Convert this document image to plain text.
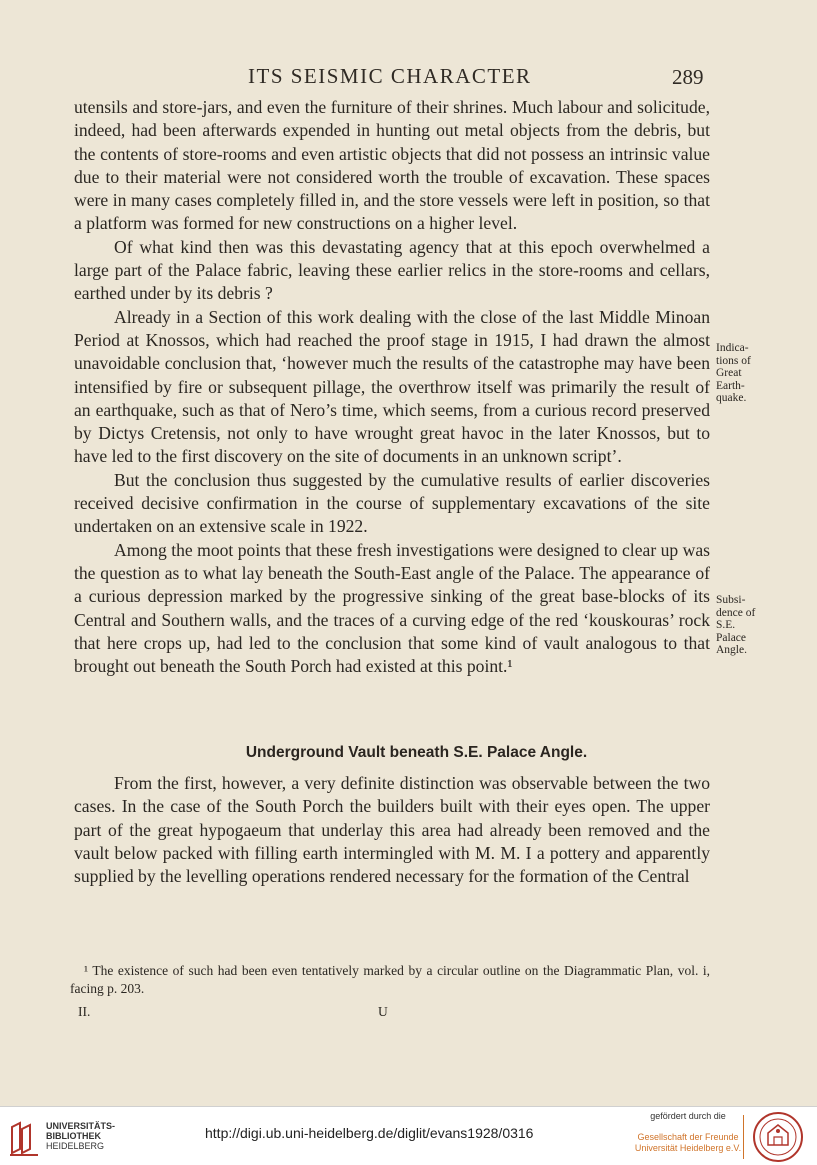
ITS SEISMIC CHARACTER	289

utensils and store-jars, and even the furniture of their shrines. Much labour and solicitude, indeed, had been afterwards expended in hunting out metal objects from the debris, but the contents of store-rooms and even artistic objects that did not possess an intrinsic value due to their material were not considered worth the trouble of excavation. These spaces were in many cases completely filled in, and the store vessels were left in position, so that a platform was formed for new constructions on a higher level.

Of what kind then was this devastating agency that at this epoch overwhelmed a large part of the Palace fabric, leaving these earlier relics in the store-rooms and cellars, earthed under by its debris ?

Already in a Section of this work dealing with the close of the last Middle Minoan Period at Knossos, which had reached the proof stage in 1915, I had drawn the almost unavoidable conclusion that, ‘however much the results of the catastrophe may have been intensified by fire or subsequent pillage, the overthrow itself was primarily the result of an earthquake, such as that of Nero’s time, which seems, from a curious record preserved by Dictys Cretensis, not only to have wrought great havoc in the later Knossos, but to have led to the first discovery on the site of documents in an unknown script’.

But the conclusion thus suggested by the cumulative results of earlier discoveries received decisive confirmation in the course of supplementary excavations of the site undertaken on an extensive scale in 1922.

Among the moot points that these fresh investigations were designed to clear up was the question as to what lay beneath the South-East angle of the Palace. The appearance of a curious depression marked by the progressive sinking of the great base-blocks of its Central and Southern walls, and the traces of a curving edge of the red ‘kouskouras’ rock that here crops up, had led to the conclusion that some kind of vault analogous to that brought out beneath the South Porch had existed at this point.¹

Indica-
tions of
Great
Earth-
quake.
Subsi-
dence of
S.E.
Palace
Angle.
Underground Vault beneath S.E. Palace Angle.

From the first, however, a very definite distinction was observable between the two cases. In the case of the South Porch the builders built with their eyes open. The upper part of the great hypogaeum that underlay this area had already been removed and the vault below packed with filling earth intermingled with M. M. I a pottery and apparently supplied by the levelling operations rendered necessary for the formation of the Central

¹ The existence of such had been even tentatively marked by a circular outline on the Diagrammatic Plan, vol. i, facing p. 203.
II.	U
UNIVERSITÄTS-
BIBLIOTHEK
HEIDELBERG
http://digi.ub.uni-heidelberg.de/diglit/evans1928/0316
gefördert durch die
Gesellschaft der Freunde
Universität Heidelberg e.V.
